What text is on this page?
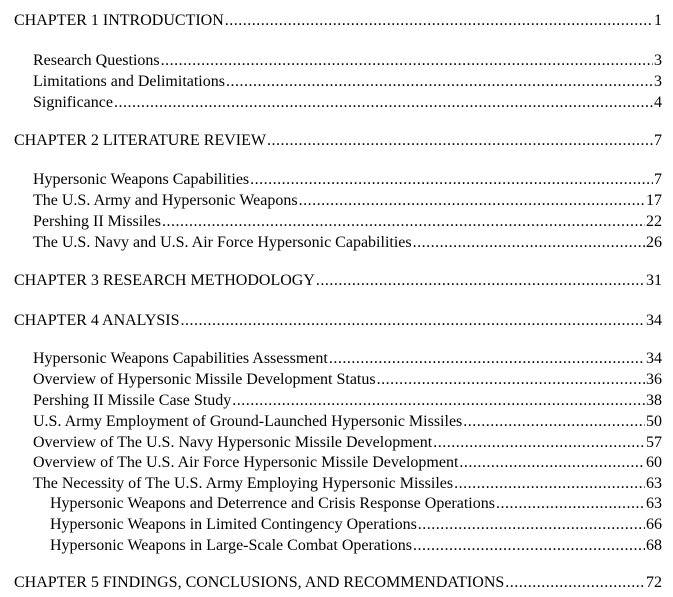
CHAPTER 1 INTRODUCTION .....	1
Research Questions .....	3
Limitations and Delimitations .....	3
Significance .....	4
CHAPTER 2 LITERATURE REVIEW .....	7
Hypersonic Weapons Capabilities .....	7
The U.S. Army and Hypersonic Weapons .....	17
Pershing II Missiles .....	22
The U.S. Navy and U.S. Air Force Hypersonic Capabilities .....	26
CHAPTER 3 RESEARCH METHODOLOGY .....	31
CHAPTER 4 ANALYSIS .....	34
Hypersonic Weapons Capabilities Assessment .....	34
Overview of Hypersonic Missile Development Status .....	36
Pershing II Missile Case Study .....	38
U.S. Army Employment of Ground-Launched Hypersonic Missiles .....	50
Overview of The U.S. Navy Hypersonic Missile Development .....	57
Overview of The U.S. Air Force Hypersonic Missile Development .....	60
The Necessity of The U.S. Army Employing Hypersonic Missiles .....	63
Hypersonic Weapons and Deterrence and Crisis Response Operations .....	63
Hypersonic Weapons in Limited Contingency Operations .....	66
Hypersonic Weapons in Large-Scale Combat Operations .....	68
CHAPTER 5 FINDINGS, CONCLUSIONS, AND RECOMMENDATIONS .....	72
